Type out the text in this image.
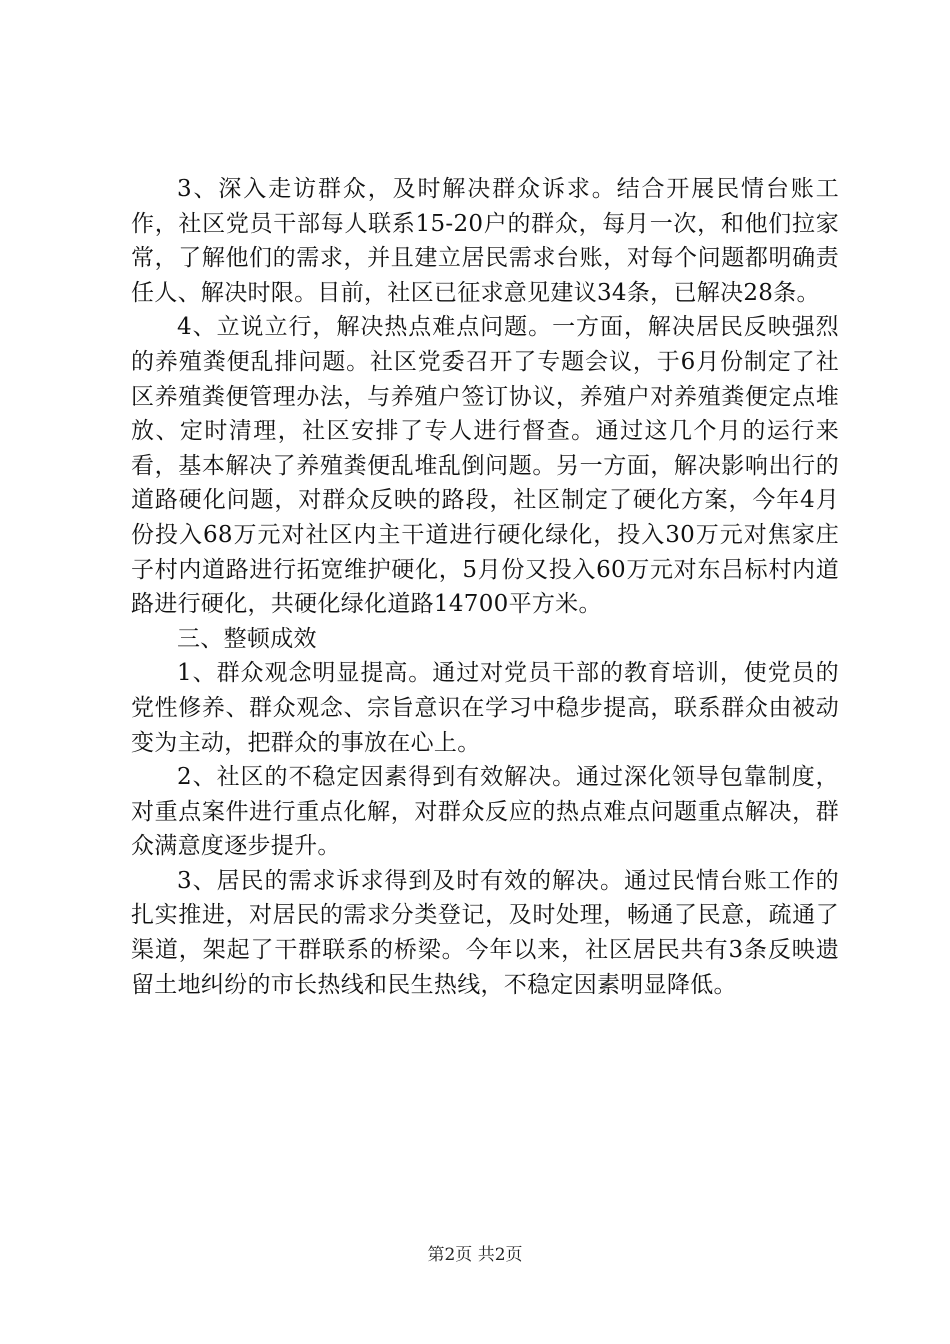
3、深入走访群众，及时解决群众诉求。结合开展民情台账工作，社区党员干部每人联系15-20户的群众，每月一次，和他们拉家常，了解他们的需求，并且建立居民需求台账，对每个问题都明确责任人、解决时限。目前，社区已征求意见建议34条，已解决28条。

4、立说立行，解决热点难点问题。一方面，解决居民反映强烈的养殖粪便乱排问题。社区党委召开了专题会议，于6月份制定了社区养殖粪便管理办法，与养殖户签订协议，养殖户对养殖粪便定点堆放、定时清理，社区安排了专人进行督查。通过这几个月的运行来看，基本解决了养殖粪便乱堆乱倒问题。另一方面，解决影响出行的道路硬化问题，对群众反映的路段，社区制定了硬化方案，今年4月份投入68万元对社区内主干道进行硬化绿化，投入30万元对焦家庄子村内道路进行拓宽维护硬化，5月份又投入60万元对东吕标村内道路进行硬化，共硬化绿化道路14700平方米。

三、整顿成效

1、群众观念明显提高。通过对党员干部的教育培训，使党员的党性修养、群众观念、宗旨意识在学习中稳步提高，联系群众由被动变为主动，把群众的事放在心上。

2、社区的不稳定因素得到有效解决。通过深化领导包靠制度，对重点案件进行重点化解，对群众反应的热点难点问题重点解决，群众满意度逐步提升。

3、居民的需求诉求得到及时有效的解决。通过民情台账工作的扎实推进，对居民的需求分类登记，及时处理，畅通了民意，疏通了渠道，架起了干群联系的桥梁。今年以来，社区居民共有3条反映遗留土地纠纷的市长热线和民生热线，不稳定因素明显降低。

第2页 共2页
